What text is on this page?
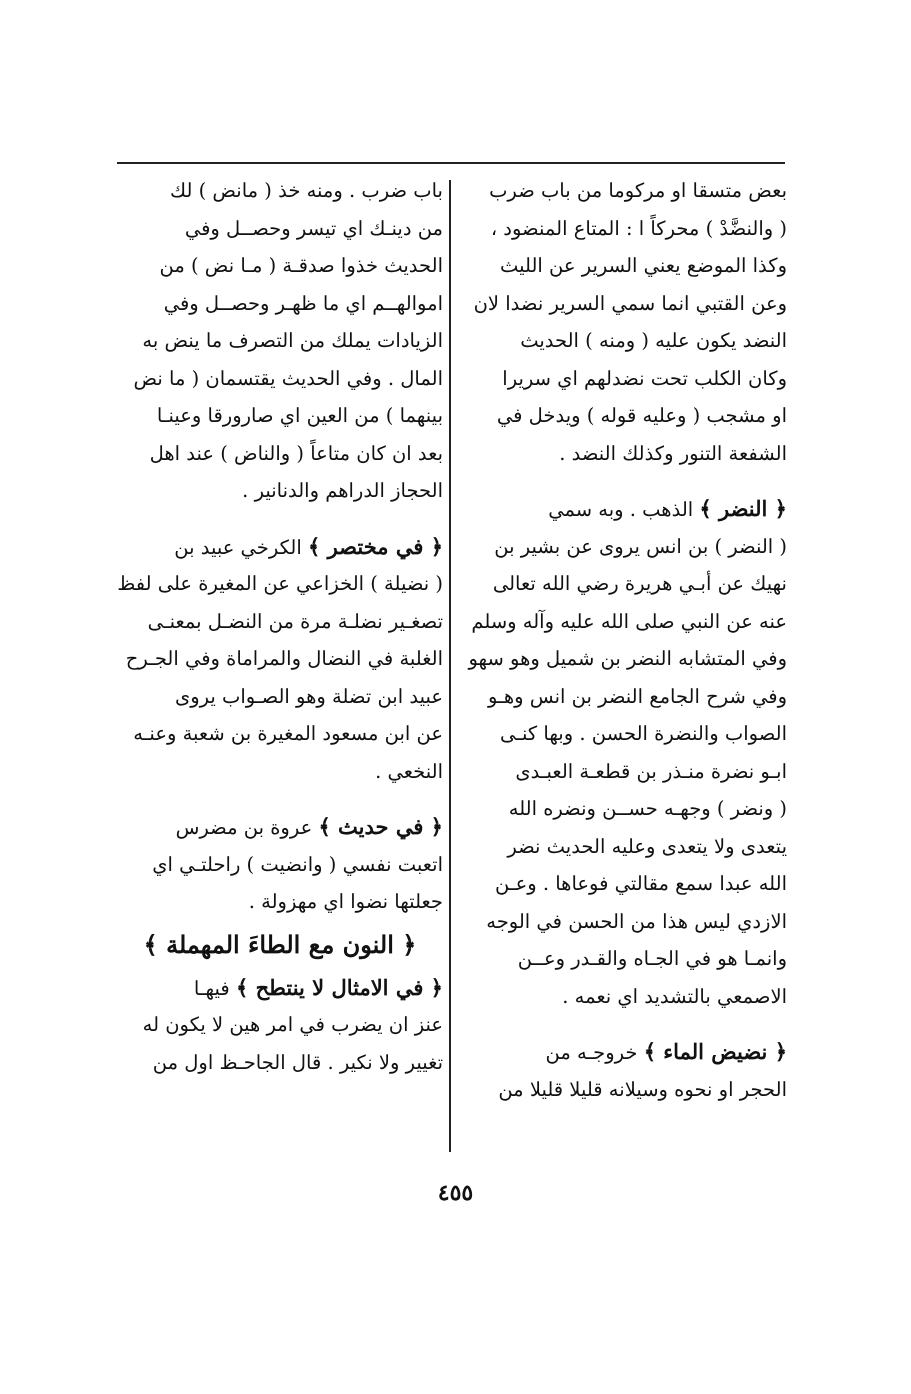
بعض متسقا او مركوما من باب ضرب
( والنضَّدْ ) محركاً ا : المتاع المنضود ،
وكذا الموضع يعني السرير عن الليث
وعن القتبي انما سمي السرير نضدا لان
النضد يكون عليه ( ومنه ) الحديث
وكان الكلب تحت نضدلهم اي سريرا
او مشجب ( وعليه قوله ) ويدخل في
الشفعة التنور وكذلك النضد .
﴿ النضر ﴾ الذهب . وبه سمي
( النضر ) بن انس يروى عن بشير بن
نهيك عن أبـي هريرة رضي الله تعالى
عنه عن النبي صلى الله عليه وآله وسلم
وفي المتشابه النضر بن شميل وهو سهو
وفي شرح الجامع النضر بن انس وهـو
الصواب والنضرة الحسن . وبها كنـى
ابـو نضرة منـذر بن قطعـة العبـدى
( ونضر ) وجهـه حســن ونضره الله
يتعدى ولا يتعدى وعليه الحديث نضر
الله عبدا سمع مقالتي فوعاها . وعـن
الازدي ليس هذا من الحسن في الوجه
وانمـا هو في الجـاه والقـدر وعــن
الاصمعي بالتشديد اي نعمه .
﴿ نضيض الماء ﴾ خروجـه من
الحجر او نحوه وسيلانه قليلا قليلا من
باب ضرب . ومنه خذ ( مانض ) لك
من دينـك اي تيسر وحصــل وفي
الحديث خذوا صدقـة ( مـا نض ) من
اموالهــم اي ما ظهـر وحصــل وفي
الزيادات يملك من التصرف ما ينض به
المال . وفي الحديث يقتسمان ( ما نض
بينهما ) من العين اي صارورقا وعينـا
بعد ان كان متاعاً ( والناض ) عند اهل
الحجاز الدراهم والدنانير .
﴿ في مختصر ﴾ الكرخي عبيد بن
( نضيلة ) الخزاعي عن المغيرة على لفظ
تصغـير نضلـة مرة من النضـل بمعنـى
الغلبة في النضال والمراماة وفي الجـرح
عبيد ابن تضلة وهو الصـواب يروى
عن ابن مسعود المغيرة بن شعبة وعنـه
النخعي .
﴿ في حديث ﴾ عروة بن مضرس
اتعبت نفسي ( وانضيت ) راحلتـي اي
جعلتها نضوا اي مهزولة .
﴿ النون مع الطاءَ المهملة ﴾
﴿ في الامثال لا ينتطح ﴾ فيهـا
عنز ان يضرب في امر هين لا يكون له
تغيير ولا نكير . قال الجاحـظ اول من
٤٥٥
